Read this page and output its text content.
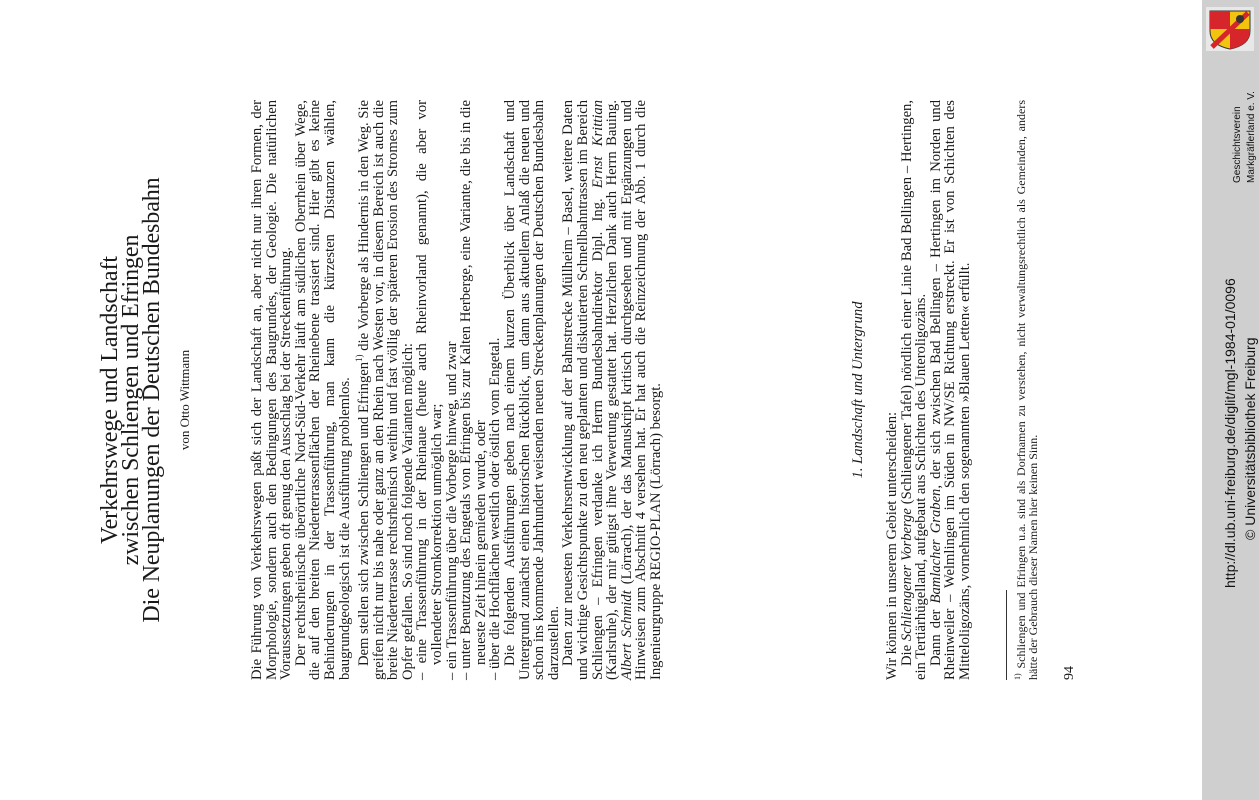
Verkehrswege und Landschaft
zwischen Schliengen und Efringen
Die Neuplanungen der Deutschen Bundesbahn von Otto Wittmann	Die Führung von Verkehrswegen paßt sich der Landschaft an, aber nicht nur ihren Formen, der Morphologie, sondern auch den Bedingungen des Baugrundes, der Geologie. Die natürlichen Voraussetzungen geben oft genug den Ausschlag bei der Streckenführung.

Der rechtsrheinische überörtliche Nord-Süd-Verkehr läuft am südlichen Oberrhein über Wege, die auf den breiten Niederterrassenflächen der Rheinebene trassiert sind. Hier gibt es keine Behinderungen in der Trassenführung, man kann die kürzesten Distanzen wählen, baugrundgeologisch ist die Ausführung problemlos. Dem stellen sich zwischen Schliengen und Efringen$^{1)}$ die Vorberge als Hindernis in den Weg. Sie greifen nicht nur bis nahe oder ganz an den Rhein nach Westen vor, in diesem Bereich ist auch die breite Niederterrasse rechtsrheinisch weithin und fast völlig der späteren Erosion des Stromes zum Opfer gefallen. So sind noch folgende Varianten möglich:

– eine Trassenführung in der Rheinaue (heute auch Rheinvorland genannt), die aber vor vollendeter Stromkorrektion unmöglich war;

– ein Trassenführung über die Vorberge hinweg, und zwar

– unter Benutzung des Engetals von Efringen bis zur Kalten Herberge, eine Variante, die bis in die neueste Zeit hinein gemieden wurde, oder

– über die Hochflächen westlich oder östlich vom Engetal.

Die folgenden Ausführungen geben nach einem kurzen Überblick über Landschaft und Untergrund zunächst einen historischen Rückblick, um dann aus aktuellem Anlaß die neuen und schon ins kommende Jahrhundert weisenden neuen Streckenplanungen der Deutschen Bundesbahn darzustellen.

Daten zur neuesten Verkehrsentwicklung auf der Bahnstrecke Müllheim – Basel, weitere Daten und wichtige Gesichtspunkte zu den neu geplanten und diskutierten Schnellbahntrassen im Bereich Schliengen – Efringen verdanke ich Herrn Bundesbahndirektor Dipl. Ing. Ernst Krittian (Karlsruhe), der mir gütigst ihre Verwertung gestattet hat. Herzlichen Dank auch Herrn Bauing. Albert Schmidt (Lörrach), der das Manuskript kritisch durchgesehen und mit Ergänzungen und Hinweisen zum Abschnitt 4 versehen hat. Er hat auch die Reinzeichnung der Abb. 1 durch die Ingenieurgruppe REGIO-PLAN (Lörrach) besorgt.	1. Landschaft und Untergrund

Wir können in unserem Gebiet unterscheiden:

Die Schliengener Vorberge (Schliengener Tafel) nördlich einer Linie Bad Bellingen – Hertingen, ein Tertiärhügelland, aufgebaut aus Schichten des Unteroligozäns.

Dann der Bamlacher Graben, der sich zwischen Bad Bellingen – Hertingen im Norden und Rheinweiler – Welmlingen im Süden in NW/SE Richtung erstreckt. Er ist von Schichten des Mitteloligozäns, vornehmlich den sogenannten »Blauen Letten« erfüllt.	$^{1)}$ Schliengen und Efringen u.a. sind als Dorfnamen zu verstehen, nicht verwaltungsrechtlich als Gemeinden, anders hätte der Gebrauch dieser Namen hier keinen Sinn. 94
http://dl.ub.uni-freiburg.de/diglit/mgl-1984-01/0096 © Universitätsbibliothek Freiburg
Geschichtsverein Markgräflerland e. V.
